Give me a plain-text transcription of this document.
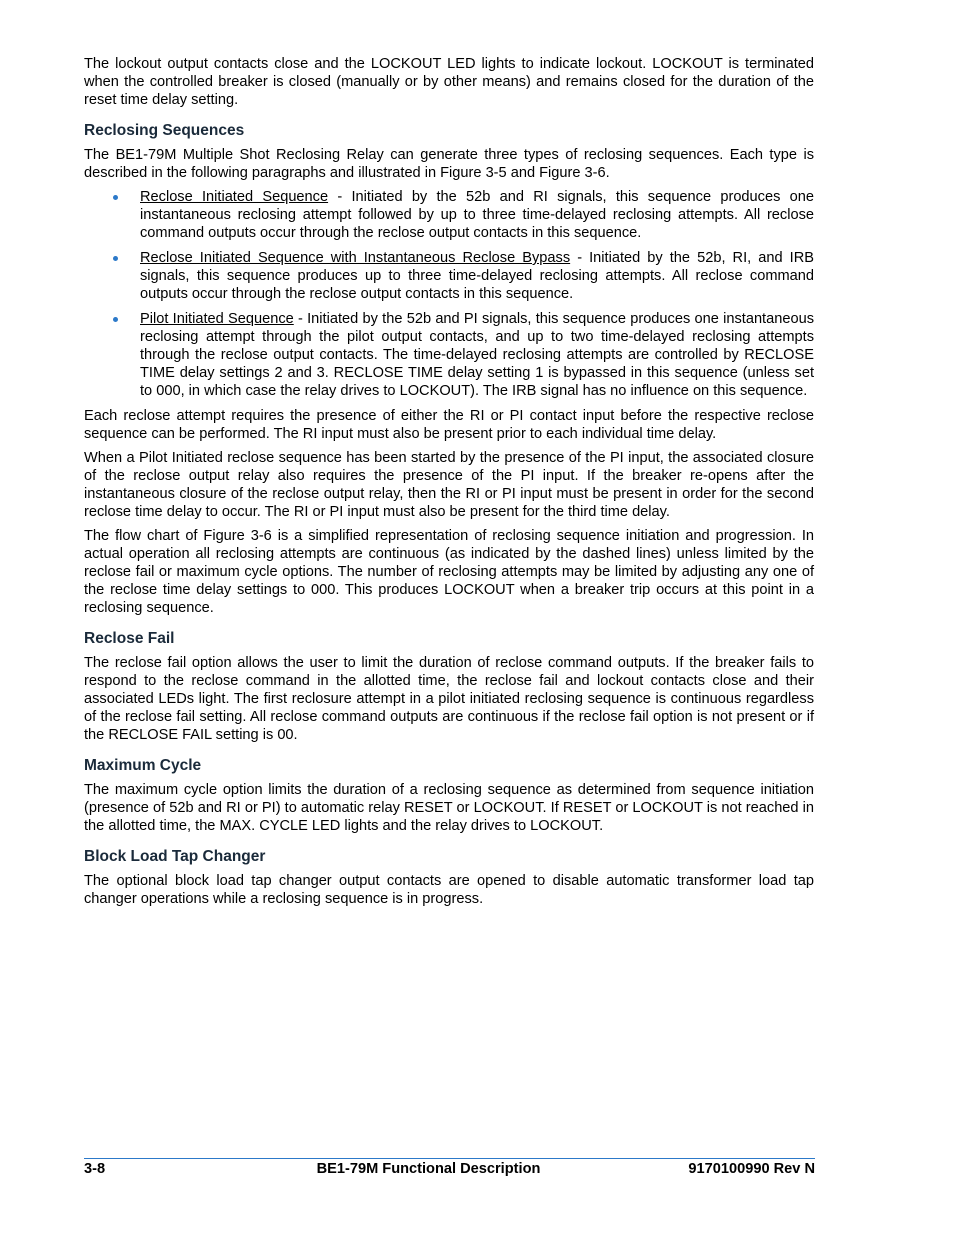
The lockout output contacts close and the LOCKOUT LED lights to indicate lockout. LOCKOUT is terminated when the controlled breaker is closed (manually or by other means) and remains closed for the duration of the reset time delay setting.

Reclosing Sequences

The BE1-79M Multiple Shot Reclosing Relay can generate three types of reclosing sequences. Each type is described in the following paragraphs and illustrated in Figure 3-5 and Figure 3-6.

Reclose Initiated Sequence - Initiated by the 52b and RI signals, this sequence produces one instantaneous reclosing attempt followed by up to three time-delayed reclosing attempts. All reclose command outputs occur through the reclose output contacts in this sequence.
Reclose Initiated Sequence with Instantaneous Reclose Bypass - Initiated by the 52b, RI, and IRB signals, this sequence produces up to three time-delayed reclosing attempts. All reclose command outputs occur through the reclose output contacts in this sequence.
Pilot Initiated Sequence - Initiated by the 52b and PI signals, this sequence produces one instantaneous reclosing attempt through the pilot output contacts, and up to two time-delayed reclosing attempts through the reclose output contacts. The time-delayed reclosing attempts are controlled by RECLOSE TIME delay settings 2 and 3. RECLOSE TIME delay setting 1 is bypassed in this sequence (unless set to 000, in which case the relay drives to LOCKOUT). The IRB signal has no influence on this sequence.

Each reclose attempt requires the presence of either the RI or PI contact input before the respective reclose sequence can be performed. The RI input must also be present prior to each individual time delay.

When a Pilot Initiated reclose sequence has been started by the presence of the PI input, the associated closure of the reclose output relay also requires the presence of the PI input. If the breaker re-opens after the instantaneous closure of the reclose output relay, then the RI or PI input must be present in order for the second reclose time delay to occur. The RI or PI input must also be present for the third time delay.

The flow chart of Figure 3-6 is a simplified representation of reclosing sequence initiation and progression. In actual operation all reclosing attempts are continuous (as indicated by the dashed lines) unless limited by the reclose fail or maximum cycle options. The number of reclosing attempts may be limited by adjusting any one of the reclose time delay settings to 000. This produces LOCKOUT when a breaker trip occurs at this point in a reclosing sequence.

Reclose Fail

The reclose fail option allows the user to limit the duration of reclose command outputs. If the breaker fails to respond to the reclose command in the allotted time, the reclose fail and lockout contacts close and their associated LEDs light. The first reclosure attempt in a pilot initiated reclosing sequence is continuous regardless of the reclose fail setting. All reclose command outputs are continuous if the reclose fail option is not present or if the RECLOSE FAIL setting is 00.

Maximum Cycle

The maximum cycle option limits the duration of a reclosing sequence as determined from sequence initiation (presence of 52b and RI or PI) to automatic relay RESET or LOCKOUT. If RESET or LOCKOUT is not reached in the allotted time, the MAX. CYCLE LED lights and the relay drives to LOCKOUT.

Block Load Tap Changer

The optional block load tap changer output contacts are opened to disable automatic transformer load tap changer operations while a reclosing sequence is in progress.

3-8	BE1-79M Functional Description	9170100990 Rev N
